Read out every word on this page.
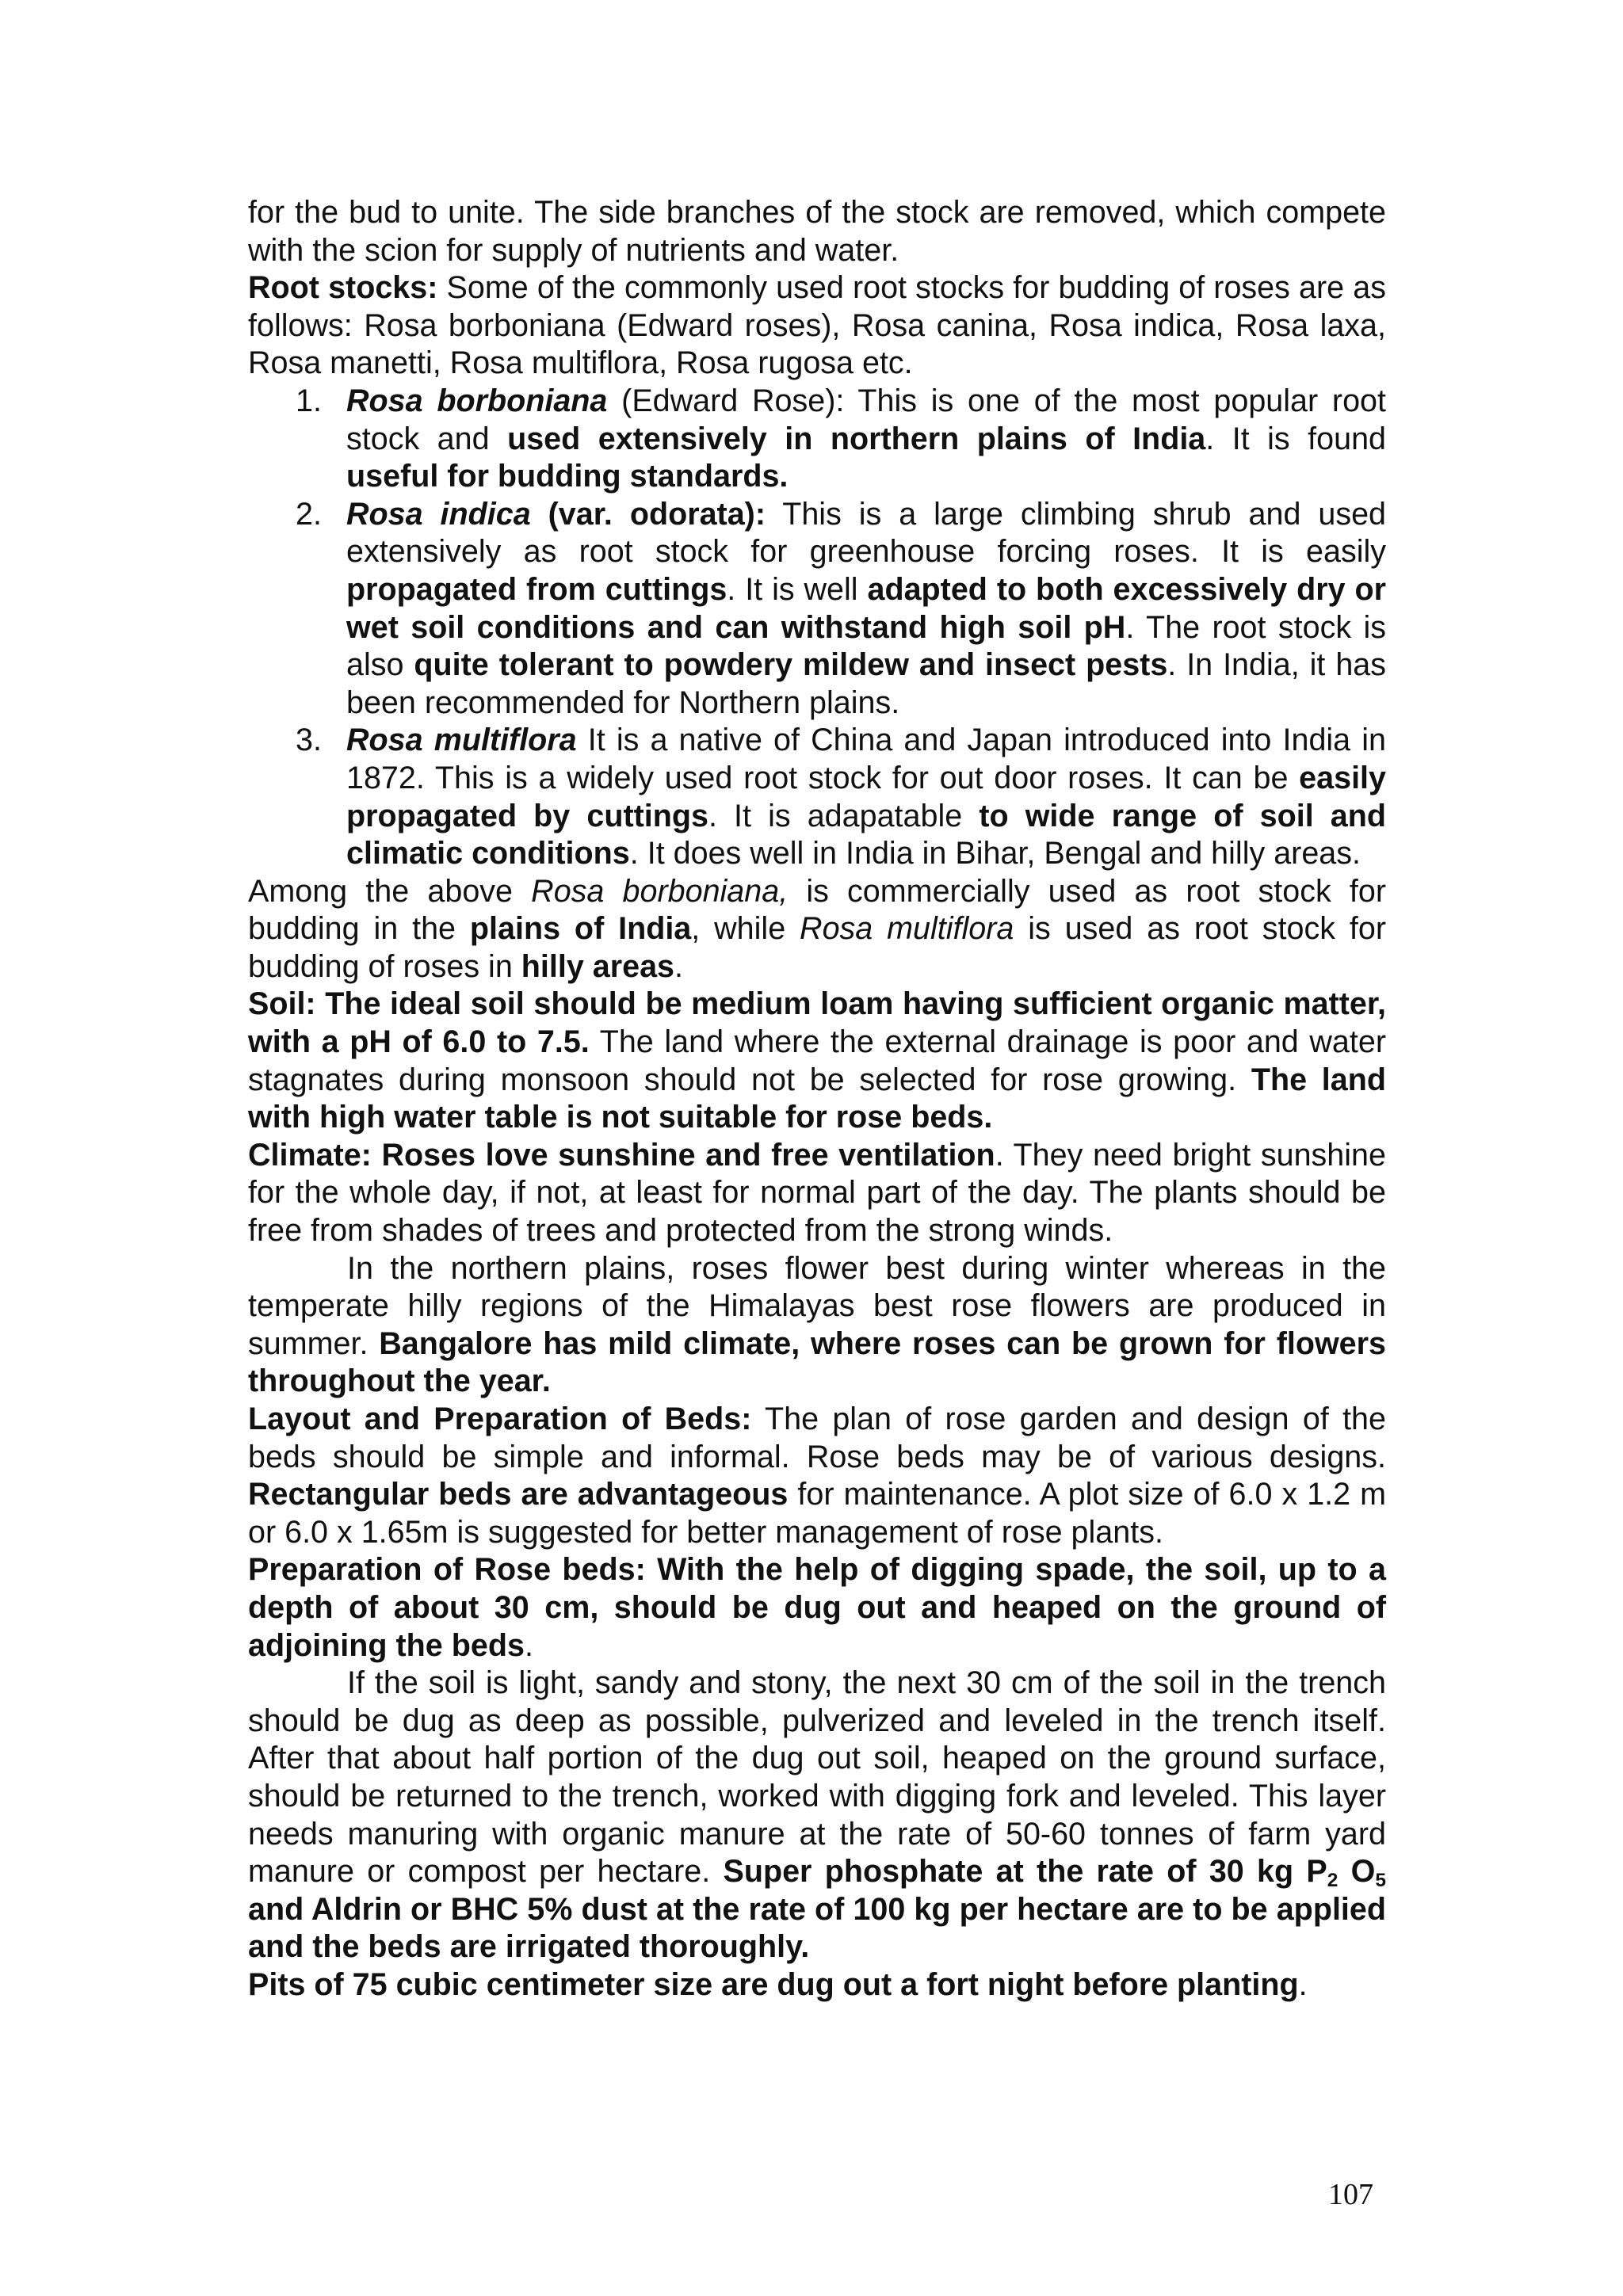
for the bud to unite. The side branches of the stock are removed, which compete with the scion for supply of nutrients and water.

Root stocks: Some of the commonly used root stocks for budding of roses are as follows: Rosa borboniana (Edward roses), Rosa canina, Rosa indica, Rosa laxa, Rosa manetti, Rosa multiflora, Rosa rugosa etc.

1. Rosa borboniana (Edward Rose): This is one of the most popular root stock and used extensively in northern plains of India. It is found useful for budding standards.
2. Rosa indica (var. odorata): This is a large climbing shrub and used extensively as root stock for greenhouse forcing roses. It is easily propagated from cuttings. It is well adapted to both excessively dry or wet soil conditions and can withstand high soil pH. The root stock is also quite tolerant to powdery mildew and insect pests. In India, it has been recommended for Northern plains.
3. Rosa multiflora It is a native of China and Japan introduced into India in 1872. This is a widely used root stock for out door roses. It can be easily propagated by cuttings. It is adapatable to wide range of soil and climatic conditions. It does well in India in Bihar, Bengal and hilly areas.

Among the above Rosa borboniana, is commercially used as root stock for budding in the plains of India, while Rosa multiflora is used as root stock for budding of roses in hilly areas.

Soil: The ideal soil should be medium loam having sufficient organic matter, with a pH of 6.0 to 7.5. The land where the external drainage is poor and water stagnates during monsoon should not be selected for rose growing. The land with high water table is not suitable for rose beds.

Climate: Roses love sunshine and free ventilation. They need bright sunshine for the whole day, if not, at least for normal part of the day. The plants should be free from shades of trees and protected from the strong winds.

In the northern plains, roses flower best during winter whereas in the temperate hilly regions of the Himalayas best rose flowers are produced in summer. Bangalore has mild climate, where roses can be grown for flowers throughout the year.

Layout and Preparation of Beds: The plan of rose garden and design of the beds should be simple and informal. Rose beds may be of various designs. Rectangular beds are advantageous for maintenance. A plot size of 6.0 x 1.2 m or 6.0 x 1.65m is suggested for better management of rose plants.

Preparation of Rose beds: With the help of digging spade, the soil, up to a depth of about 30 cm, should be dug out and heaped on the ground of adjoining the beds.

If the soil is light, sandy and stony, the next 30 cm of the soil in the trench should be dug as deep as possible, pulverized and leveled in the trench itself. After that about half portion of the dug out soil, heaped on the ground surface, should be returned to the trench, worked with digging fork and leveled. This layer needs manuring with organic manure at the rate of 50-60 tonnes of farm yard manure or compost per hectare. Super phosphate at the rate of 30 kg $P_2$ $O_5$ and Aldrin or BHC 5% dust at the rate of 100 kg per hectare are to be applied and the beds are irrigated thoroughly.

Pits of 75 cubic centimeter size are dug out a fort night before planting.

107
